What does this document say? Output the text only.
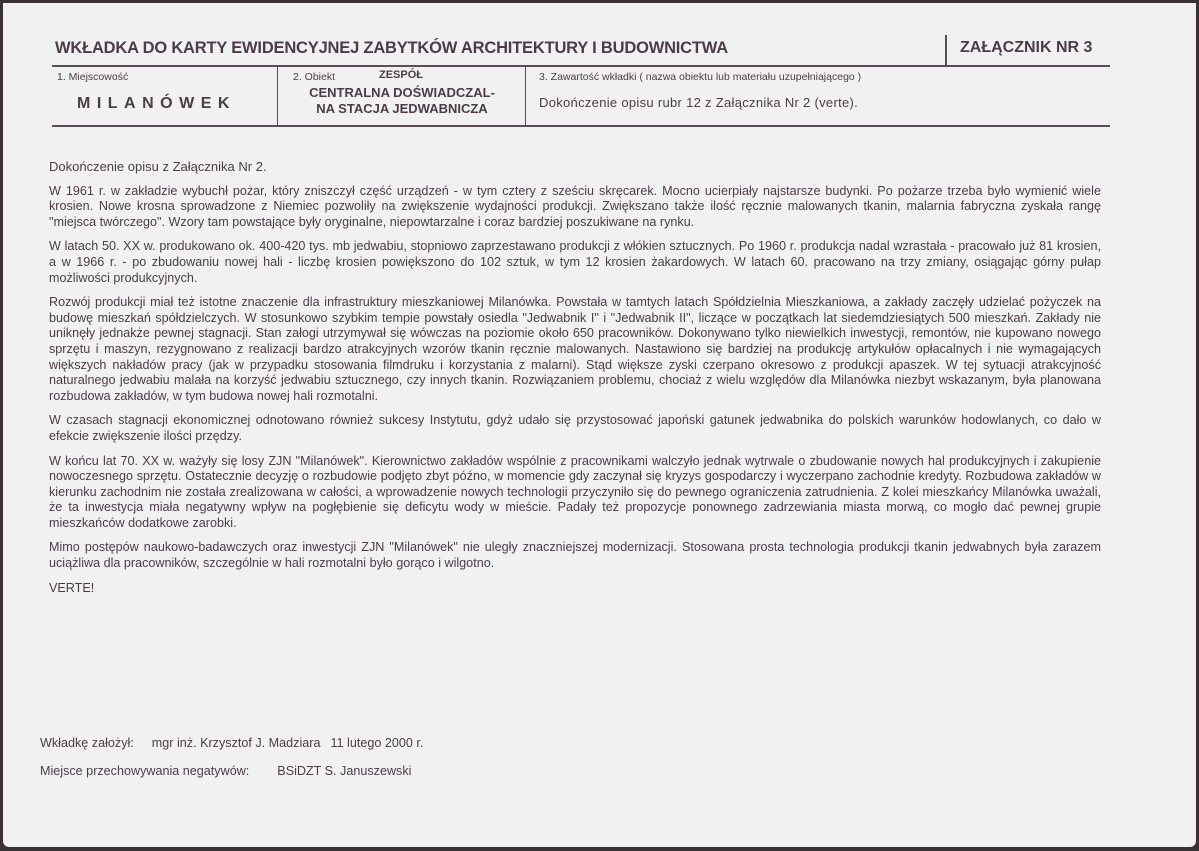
WKŁADKA DO KARTY EWIDENCYJNEJ ZABYTKÓW ARCHITEKTURY I BUDOWNICTWA	ZAŁĄCZNIK NR 3
1. Miejscowość
MILANÓWEK
2. Obiekt	ZESPÓŁ
CENTRALNA DOŚWIADCZAL-
NA STACJA JEDWABNICZA
3. Zawartość wkładki ( nazwa obiektu lub materiału uzupełniającego )
Dokończenie opisu rubr 12 z Załącznika Nr 2 (verte).

Dokończenie opisu z Załącznika Nr 2.

W 1961 r. w zakładzie wybuchł pożar, który zniszczył część urządzeń - w tym cztery z sześciu skręcarek. Mocno ucierpiały najstarsze budynki. Po pożarze trzeba było wymienić wiele krosien. Nowe krosna sprowadzone z Niemiec pozwoliły na zwiększenie wydajności produkcji. Zwiększano także ilość ręcznie malowanych tkanin, malarnia fabryczna zyskała rangę "miejsca twórczego". Wzory tam powstające były oryginalne, niepowtarzalne i coraz bardziej poszukiwane na rynku.

W latach 50. XX w. produkowano ok. 400-420 tys. mb jedwabiu, stopniowo zaprzestawano produkcji z włókien sztucznych. Po 1960 r. produkcja nadal wzrastała - pracowało już 81 krosien, a w 1966 r. - po zbudowaniu nowej hali - liczbę krosien powiększono do 102 sztuk, w tym 12 krosien żakardowych. W latach 60. pracowano na trzy zmiany, osiągając górny pułap możliwości produkcyjnych.

Rozwój produkcji miał też istotne znaczenie dla infrastruktury mieszkaniowej Milanówka. Powstała w tamtych latach Spółdzielnia Mieszkaniowa, a zakłady zaczęły udzielać pożyczek na budowę mieszkań spółdzielczych. W stosunkowo szybkim tempie powstały osiedla "Jedwabnik I" i "Jedwabnik II", liczące w początkach lat siedemdziesiątych 500 mieszkań. Zakłady nie uniknęły jednakże pewnej stagnacji. Stan załogi utrzymywał się wówczas na poziomie około 650 pracowników. Dokonywano tylko niewielkich inwestycji, remontów, nie kupowano nowego sprzętu i maszyn, rezygnowano z realizacji bardzo atrakcyjnych wzorów tkanin ręcznie malowanych. Nastawiono się bardziej na produkcję artykułów opłacalnych i nie wymagających większych nakładów pracy (jak w przypadku stosowania filmdruku i korzystania z malarni). Stąd większe zyski czerpano okresowo z produkcji apaszek. W tej sytuacji atrakcyjność naturalnego jedwabiu malała na korzyść jedwabiu sztucznego, czy innych tkanin. Rozwiązaniem problemu, chociaż z wielu względów dla Milanówka niezbyt wskazanym, była planowana rozbudowa zakładów, w tym budowa nowej hali rozmotalni.

W czasach stagnacji ekonomicznej odnotowano również sukcesy Instytutu, gdyż udało się przystosować japoński gatunek jedwabnika do polskich warunków hodowlanych, co dało w efekcie zwiększenie ilości przędzy.

W końcu lat 70. XX w. ważyły się losy ZJN "Milanówek". Kierownictwo zakładów wspólnie z pracownikami walczyło jednak wytrwale o zbudowanie nowych hal produkcyjnych i zakupienie nowoczesnego sprzętu. Ostatecznie decyzję o rozbudowie podjęto zbyt późno, w momencie gdy zaczynał się kryzys gospodarczy i wyczerpano zachodnie kredyty. Rozbudowa zakładów w kierunku zachodnim nie została zrealizowana w całości, a wprowadzenie nowych technologii przyczyniło się do pewnego ograniczenia zatrudnienia. Z kolei mieszkańcy Milanówka uważali, że ta inwestycja miała negatywny wpływ na pogłębienie się deficytu wody w mieście. Padały też propozycje ponownego zadrzewiania miasta morwą, co mogło dać pewnej grupie mieszkańców dodatkowe zarobki.

Mimo postępów naukowo-badawczych oraz inwestycji ZJN "Milanówek" nie uległy znaczniejszej modernizacji. Stosowana prosta technologia produkcji tkanin jedwabnych była zarazem uciążliwa dla pracowników, szczególnie w hali rozmotalni było gorąco i wilgotno.

VERTE!

Wkładkę założył: mgr inż. Krzysztof J. Madziara 11 lutego 2000 r.
Miejsce przechowywania negatywów: BSiDZT S. Januszewski
